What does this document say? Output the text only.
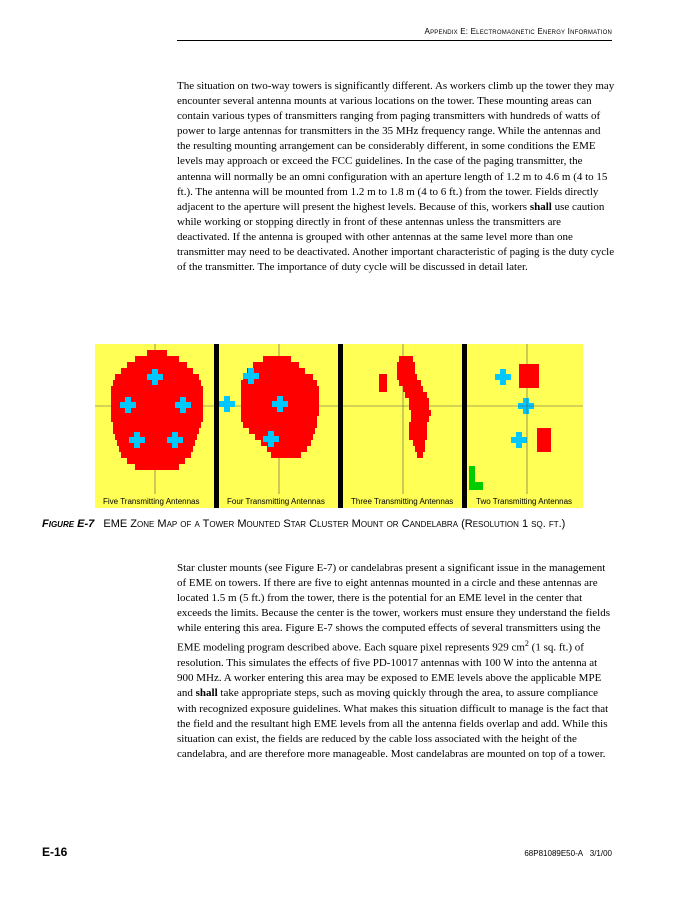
Appendix E: Electromagnetic Energy Information
The situation on two-way towers is significantly different. As workers climb up the tower they may encounter several antenna mounts at various locations on the tower. These mounting areas can contain various types of transmitters ranging from paging transmitters with hundreds of watts of power to large antennas for transmitters in the 35 MHz frequency range. While the antennas and the resulting mounting arrangement can be considerably different, in some conditions the EME levels may approach or exceed the FCC guidelines. In the case of the paging transmitter, the antenna will normally be an omni configuration with an aperture length of 1.2 m to 4.6 m (4 to 15 ft.). The antenna will be mounted from 1.2 m to 1.8 m (4 to 6 ft.) from the tower. Fields directly adjacent to the aperture will present the highest levels. Because of this, workers shall use caution while working or stopping directly in front of these antennas unless the transmitters are deactivated. If the antenna is grouped with other antennas at the same level more than one transmitter may need to be deactivated. Another important characteristic of paging is the duty cycle of the transmitter. The importance of duty cycle will be discussed in detail later.
Five Transmitting Antennas	Four Transmitting Antennas	Three Transmitting Antennas	Two Transmitting Antennas
Figure E-7 EME Zone Map of a Tower Mounted Star Cluster Mount or Candelabra (Resolution 1 sq. ft.)
Star cluster mounts (see Figure E-7) or candelabras present a significant issue in the management of EME on towers. If there are five to eight antennas mounted in a circle and these antennas are located 1.5 m (5 ft.) from the tower, there is the potential for an EME level in the center that exceeds the limits. Because the center is the tower, workers must ensure they understand the fields while entering this area. Figure E-7 shows the computed effects of several transmitters using the EME modeling program described above. Each square pixel represents 929 $cm^2$ (1 sq. ft.) of resolution. This simulates the effects of five PD-10017 antennas with 100 W into the antenna at 900 MHz. A worker entering this area may be exposed to EME levels above the applicable MPE and shall take appropriate steps, such as moving quickly through the area, to assure compliance with recognized exposure guidelines. What makes this situation difficult to manage is the fact that the field and the resultant high EME levels from all the antenna fields overlap and add. While this situation can exist, the fields are reduced by the cable loss associated with the height of the candelabra, and are therefore more manageable. Most candelabras are mounted on top of a tower.
E-16	68P81089E50-A 3/1/00
